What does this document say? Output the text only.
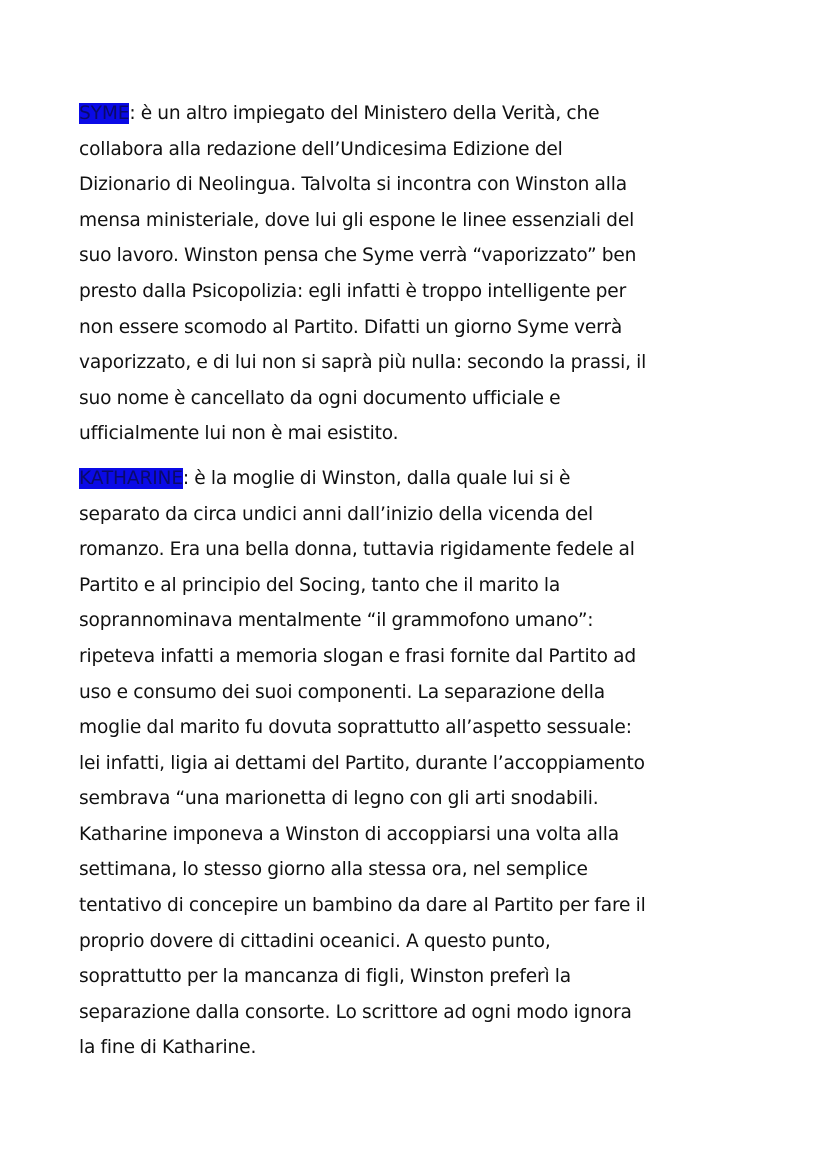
SYME: è un altro impiegato del Ministero della Verità, che
collabora alla redazione dell’Undicesima Edizione del
Dizionario di Neolingua. Talvolta si incontra con Winston alla
mensa ministeriale, dove lui gli espone le linee essenziali del
suo lavoro. Winston pensa che Syme verrà “vaporizzato” ben
presto dalla Psicopolizia: egli infatti è troppo intelligente per
non essere scomodo al Partito. Difatti un giorno Syme verrà
vaporizzato, e di lui non si saprà più nulla: secondo la prassi, il
suo nome è cancellato da ogni documento ufficiale e
ufficialmente lui non è mai esistito.

KATHARINE: è la moglie di Winston, dalla quale lui si è
separato da circa undici anni dall’inizio della vicenda del
romanzo. Era una bella donna, tuttavia rigidamente fedele al
Partito e al principio del Socing, tanto che il marito la
soprannominava mentalmente “il grammofono umano”:
ripeteva infatti a memoria slogan e frasi fornite dal Partito ad
uso e consumo dei suoi componenti. La separazione della
moglie dal marito fu dovuta soprattutto all’aspetto sessuale:
lei infatti, ligia ai dettami del Partito, durante l’accoppiamento
sembrava “una marionetta di legno con gli arti snodabili.
Katharine imponeva a Winston di accoppiarsi una volta alla
settimana, lo stesso giorno alla stessa ora, nel semplice
tentativo di concepire un bambino da dare al Partito per fare il
proprio dovere di cittadini oceanici. A questo punto,
soprattutto per la mancanza di figli, Winston preferì la
separazione dalla consorte. Lo scrittore ad ogni modo ignora
la fine di Katharine.
